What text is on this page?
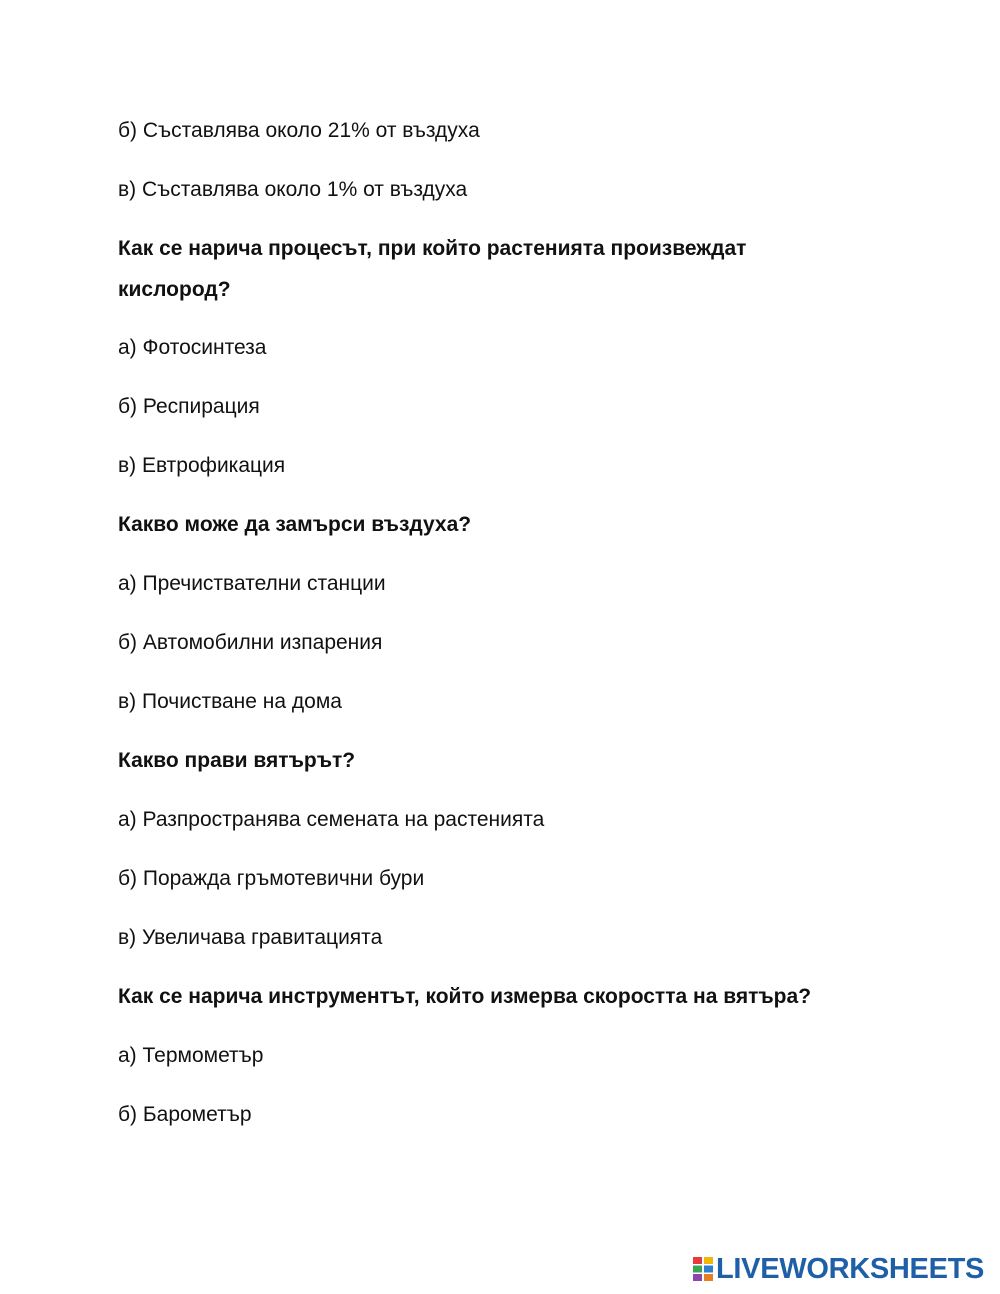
б) Съставлява около 21% от въздуха
в) Съставлява около 1% от въздуха
Как се нарича процесът, при който растенията произвеждат
кислород?
а) Фотосинтеза
б) Респирация
в) Евтрофикация
Какво може да замърси въздуха?
а) Пречиствателни станции
б) Автомобилни изпарения
в) Почистване на дома
Какво прави вятърът?
а) Разпространява семената на растенията
б) Поражда гръмотевични бури
в) Увеличава гравитацията
Как се нарича инструментът, който измерва скоростта на вятъра?
а) Термометър
б) Барометър
LIVEWORKSHEETS
